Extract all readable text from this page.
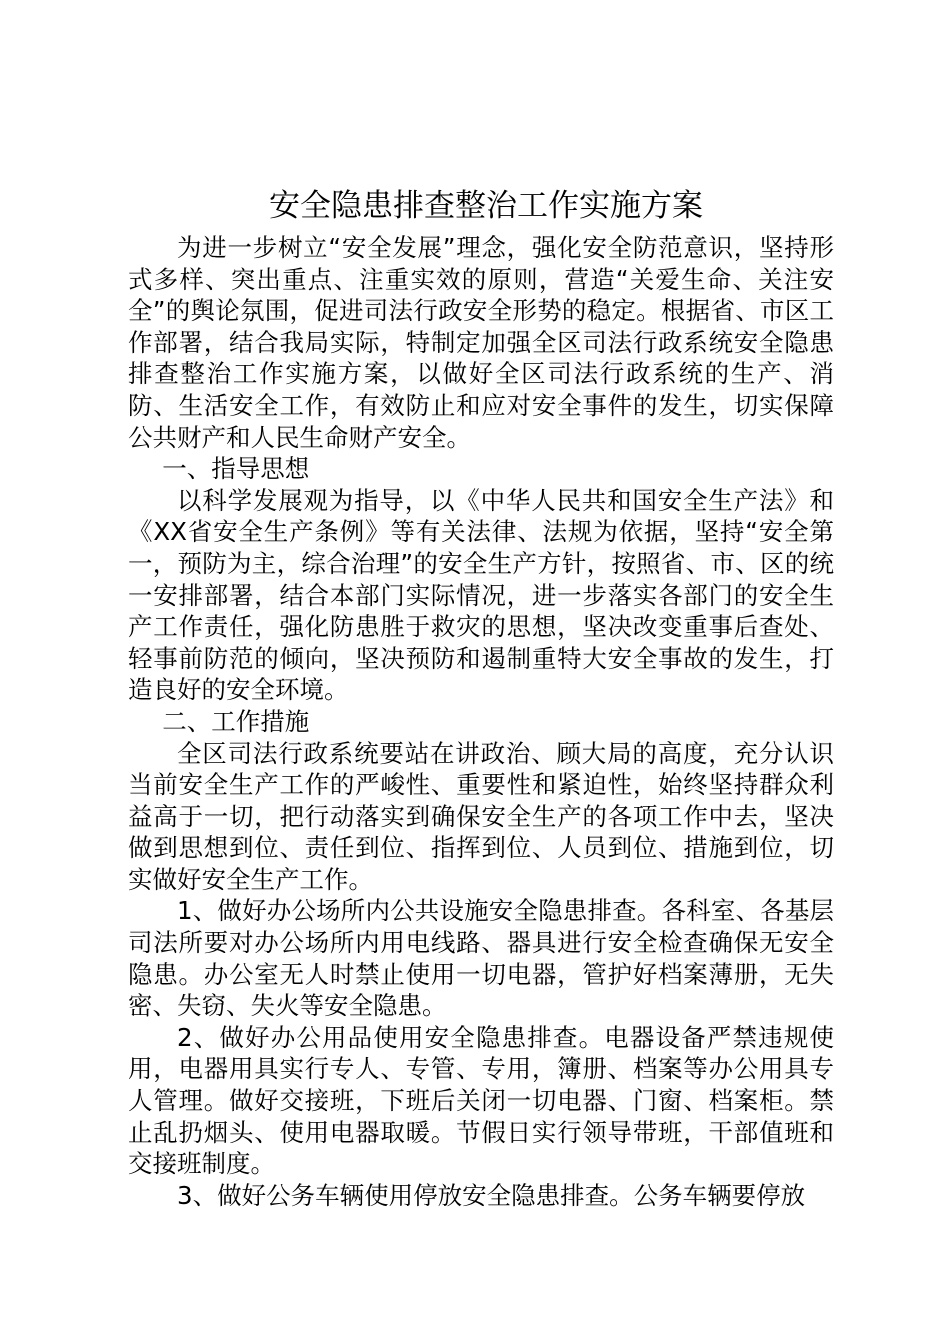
安全隐患排查整治工作实施方案

为进一步树立“安全发展”理念，强化安全防范意识，坚持形式多样、突出重点、注重实效的原则，营造“关爱生命、关注安全”的舆论氛围，促进司法行政安全形势的稳定。根据省、市区工作部署，结合我局实际，特制定加强全区司法行政系统安全隐患排查整治工作实施方案，以做好全区司法行政系统的生产、消防、生活安全工作，有效防止和应对安全事件的发生，切实保障公共财产和人民生命财产安全。

一、指导思想

以科学发展观为指导，以《中华人民共和国安全生产法》和《XX省安全生产条例》等有关法律、法规为依据，坚持“安全第一，预防为主，综合治理”的安全生产方针，按照省、市、区的统一安排部署，结合本部门实际情况，进一步落实各部门的安全生产工作责任，强化防患胜于救灾的思想，坚决改变重事后查处、轻事前防范的倾向，坚决预防和遏制重特大安全事故的发生，打造良好的安全环境。

二、工作措施

全区司法行政系统要站在讲政治、顾大局的高度，充分认识当前安全生产工作的严峻性、重要性和紧迫性，始终坚持群众利益高于一切，把行动落实到确保安全生产的各项工作中去，坚决做到思想到位、责任到位、指挥到位、人员到位、措施到位，切实做好安全生产工作。

1、做好办公场所内公共设施安全隐患排查。各科室、各基层司法所要对办公场所内用电线路、器具进行安全检查确保无安全隐患。办公室无人时禁止使用一切电器，管护好档案薄册，无失密、失窃、失火等安全隐患。

2、做好办公用品使用安全隐患排查。电器设备严禁违规使用，电器用具实行专人、专管、专用，簿册、档案等办公用具专人管理。做好交接班，下班后关闭一切电器、门窗、档案柜。禁止乱扔烟头、使用电器取暖。节假日实行领导带班，干部值班和交接班制度。

3、做好公务车辆使用停放安全隐患排查。公务车辆要停放
